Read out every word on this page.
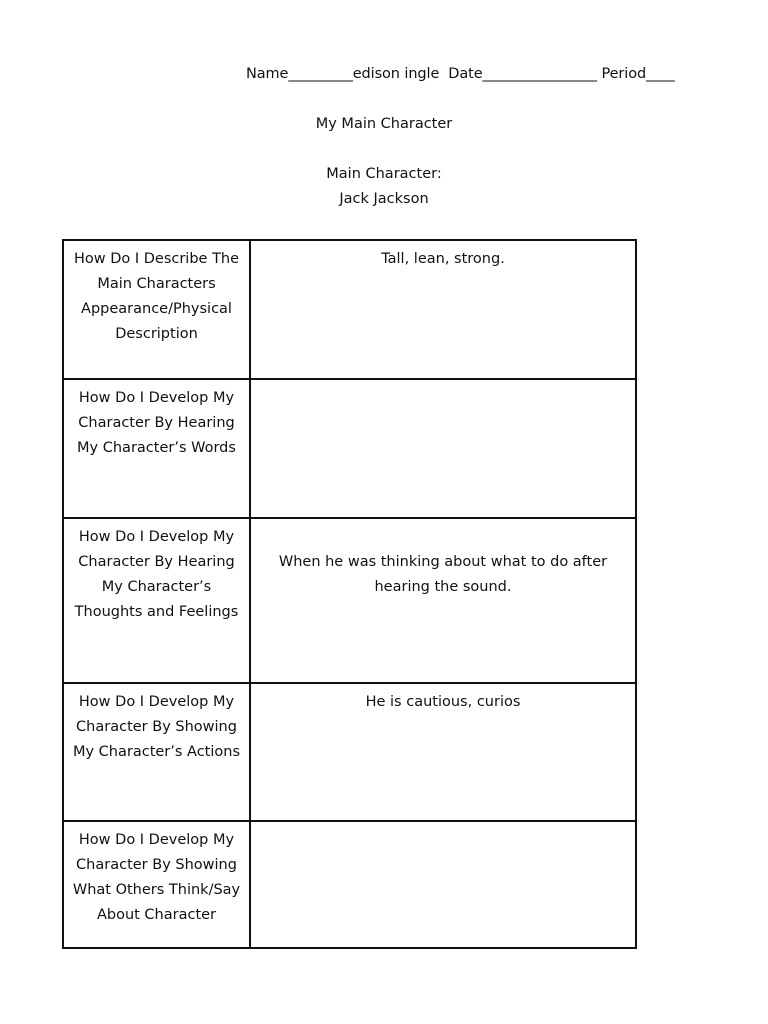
Name_________edison ingle  Date________________ Period____
My Main Character
Main Character:
Jack Jackson
How Do I Describe The Main Characters Appearance/Physical Description	Tall, lean, strong.
How Do I Develop My Character By Hearing My Character’s Words	
How Do I Develop My Character By Hearing My Character’s Thoughts and Feelings	When he was thinking about what to do after hearing the sound.
How Do I Develop My Character By Showing My Character’s Actions	He is cautious, curios
How Do I Develop My Character By Showing What Others Think/Say About Character	
